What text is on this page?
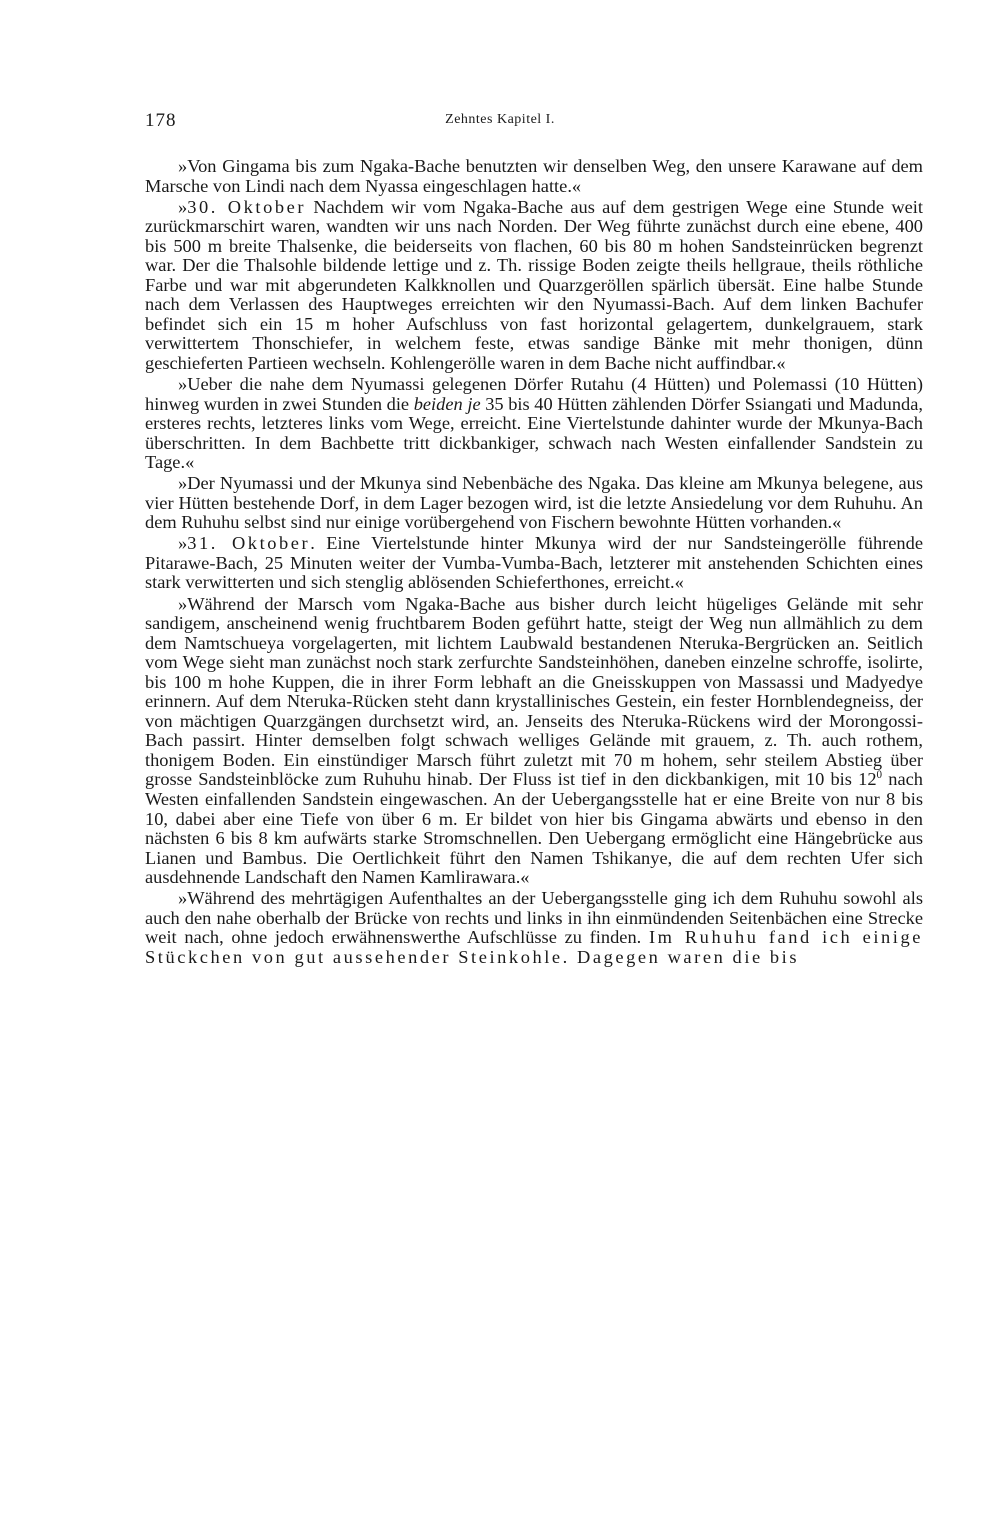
178	Zehntes Kapitel I.

»Von Gingama bis zum Ngaka-Bache benutzten wir denselben Weg, den unsere Karawane auf dem Marsche von Lindi nach dem Nyassa eingeschlagen hatte.«

»30. Oktober Nachdem wir vom Ngaka-Bache aus auf dem gestrigen Wege eine Stunde weit zurückmarschirt waren, wandten wir uns nach Norden. Der Weg führte zunächst durch eine ebene, 400 bis 500 m breite Thalsenke, die beiderseits von flachen, 60 bis 80 m hohen Sandsteinrücken begrenzt war. Der die Thalsohle bildende lettige und z. Th. rissige Boden zeigte theils hellgraue, theils röthliche Farbe und war mit abgerundeten Kalkknollen und Quarzgeröllen spärlich übersät. Eine halbe Stunde nach dem Verlassen des Hauptweges erreichten wir den Nyumassi-Bach. Auf dem linken Bachufer befindet sich ein 15 m hoher Aufschluss von fast horizontal gelagertem, dunkelgrauem, stark verwittertem Thonschiefer, in welchem feste, etwas sandige Bänke mit mehr thonigen, dünn geschieferten Partieen wechseln. Kohlengerölle waren in dem Bache nicht auffindbar.«

»Ueber die nahe dem Nyumassi gelegenen Dörfer Rutahu (4 Hütten) und Polemassi (10 Hütten) hinweg wurden in zwei Stunden die beiden je 35 bis 40 Hütten zählenden Dörfer Ssiangati und Madunda, ersteres rechts, letzteres links vom Wege, erreicht. Eine Viertelstunde dahinter wurde der Mkunya-Bach überschritten. In dem Bachbette tritt dickbankiger, schwach nach Westen einfallender Sandstein zu Tage.«

»Der Nyumassi und der Mkunya sind Nebenbäche des Ngaka. Das kleine am Mkunya belegene, aus vier Hütten bestehende Dorf, in dem Lager bezogen wird, ist die letzte Ansiedelung vor dem Ruhuhu. An dem Ruhuhu selbst sind nur einige vorübergehend von Fischern bewohnte Hütten vorhanden.«

»31. Oktober. Eine Viertelstunde hinter Mkunya wird der nur Sandsteingerölle führende Pitarawe-Bach, 25 Minuten weiter der Vumba-Vumba-Bach, letzterer mit anstehenden Schichten eines stark verwitterten und sich stenglig ablösenden Schieferthones, erreicht.«

»Während der Marsch vom Ngaka-Bache aus bisher durch leicht hügeliges Gelände mit sehr sandigem, anscheinend wenig fruchtbarem Boden geführt hatte, steigt der Weg nun allmählich zu dem dem Namtschueya vorgelagerten, mit lichtem Laubwald bestandenen Nteruka-Bergrücken an. Seitlich vom Wege sieht man zunächst noch stark zerfurchte Sandsteinhöhen, daneben einzelne schroffe, isolirte, bis 100 m hohe Kuppen, die in ihrer Form lebhaft an die Gneisskuppen von Massassi und Madyedye erinnern. Auf dem Nteruka-Rücken steht dann krystallinisches Gestein, ein fester Hornblendegneiss, der von mächtigen Quarzgängen durchsetzt wird, an. Jenseits des Nteruka-Rückens wird der Morongossi-Bach passirt. Hinter demselben folgt schwach welliges Gelände mit grauem, z. Th. auch rothem, thonigem Boden. Ein einstündiger Marsch führt zuletzt mit 70 m hohem, sehr steilem Abstieg über grosse Sandsteinblöcke zum Ruhuhu hinab. Der Fluss ist tief in den dickbankigen, mit 10 bis $12^0$ nach Westen einfallenden Sandstein eingewaschen. An der Uebergangsstelle hat er eine Breite von nur 8 bis 10, dabei aber eine Tiefe von über 6 m. Er bildet von hier bis Gingama abwärts und ebenso in den nächsten 6 bis 8 km aufwärts starke Stromschnellen. Den Uebergang ermöglicht eine Hängebrücke aus Lianen und Bambus. Die Oertlichkeit führt den Namen Tshikanye, die auf dem rechten Ufer sich ausdehnende Landschaft den Namen Kamlirawara.«

»Während des mehrtägigen Aufenthaltes an der Uebergangsstelle ging ich dem Ruhuhu sowohl als auch den nahe oberhalb der Brücke von rechts und links in ihn einmündenden Seitenbächen eine Strecke weit nach, ohne jedoch erwähnenswerthe Aufschlüsse zu finden. Im Ruhuhu fand ich einige Stückchen von gut aussehender Steinkohle. Dagegen waren die bis
